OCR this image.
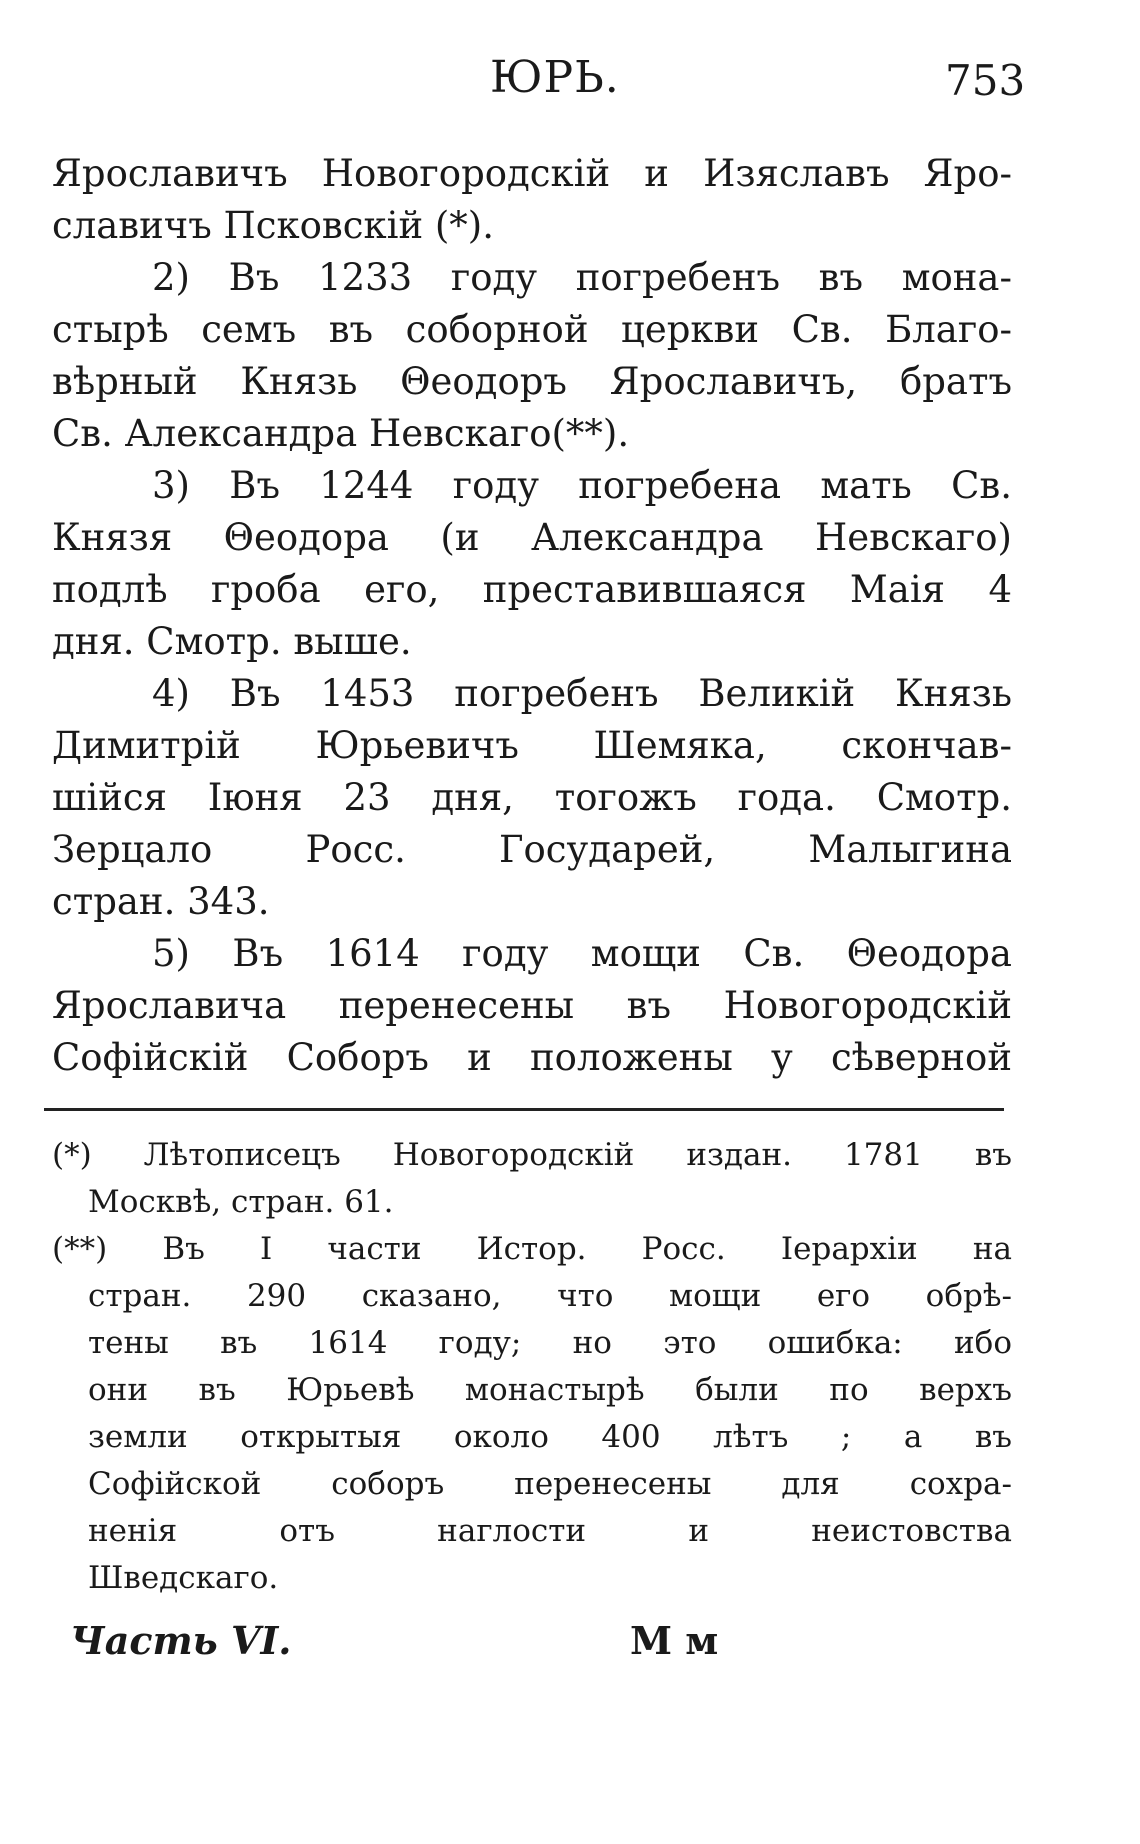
ЮРЬ.	753
Ярославичъ Новогородскій и Изяславъ Яро-
славичъ Псковскій (*).
2) Въ 1233 году погребенъ въ мона-
стырѣ семъ въ соборной церкви Св. Благо-
вѣрный Князь Θеодоръ Ярославичъ, братъ
Св. Александра Невскаго(**).
3) Въ 1244 году погребена мать Св.
Князя Θеодора (и Александра Невскаго)
подлѣ гроба его, преставившаяся Маія 4
дня. Смотр. выше.
4) Въ 1453 погребенъ Великій Князь
Димитрій Юрьевичъ Шемяка, скончав-
шійся Іюня 23 дня, тогожъ года. Смотр.
Зерцало Росс. Государей, Малыгина
стран. 343.
5) Въ 1614 году мощи Св. Θеодора
Ярославича перенесены въ Новогородскій
Софійскій Соборъ и положены у сѣверной
(*) Лѣтописецъ Новогородскій издан. 1781 въ
Москвѣ, стран. 61.
(**) Въ I части Истор. Росс. Іерархіи на
стран. 290 сказано, что мощи его обрѣ-
тены въ 1614 году; но это ошибка: ибо
они въ Юрьевѣ монастырѣ были по верхъ
земли открытыя около 400 лѣтъ ; а въ
Софійской соборъ перенесены для сохра-
ненія отъ наглости и неистовства
Шведскаго.
Часть VI.	М м
